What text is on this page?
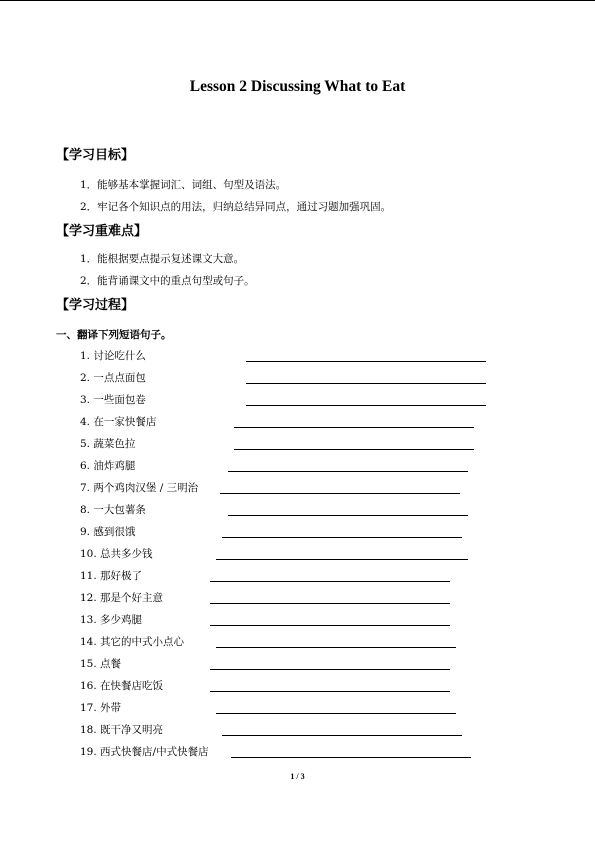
Lesson 2 Discussing What to Eat
【学习目标】
1．能够基本掌握词汇、词组、句型及语法。
2．牢记各个知识点的用法，归纳总结异同点，通过习题加强巩固。
【学习重难点】
1．能根据要点提示复述课文大意。
2．能背诵课文中的重点句型或句子。
【学习过程】
一、翻译下列短语句子。
1. 讨论吃什么
2. 一点点面包
3. 一些面包卷
4. 在一家快餐店
5. 蔬菜色拉
6. 油炸鸡腿
7. 两个鸡肉汉堡 / 三明治
8. 一大包薯条
9. 感到很饿
10. 总共多少钱
11. 那好极了
12. 那是个好主意
13. 多少鸡腿
14. 其它的中式小点心
15. 点餐
16. 在快餐店吃饭
17. 外带
18. 既干净又明亮
19. 西式快餐店/中式快餐店
1 / 3
